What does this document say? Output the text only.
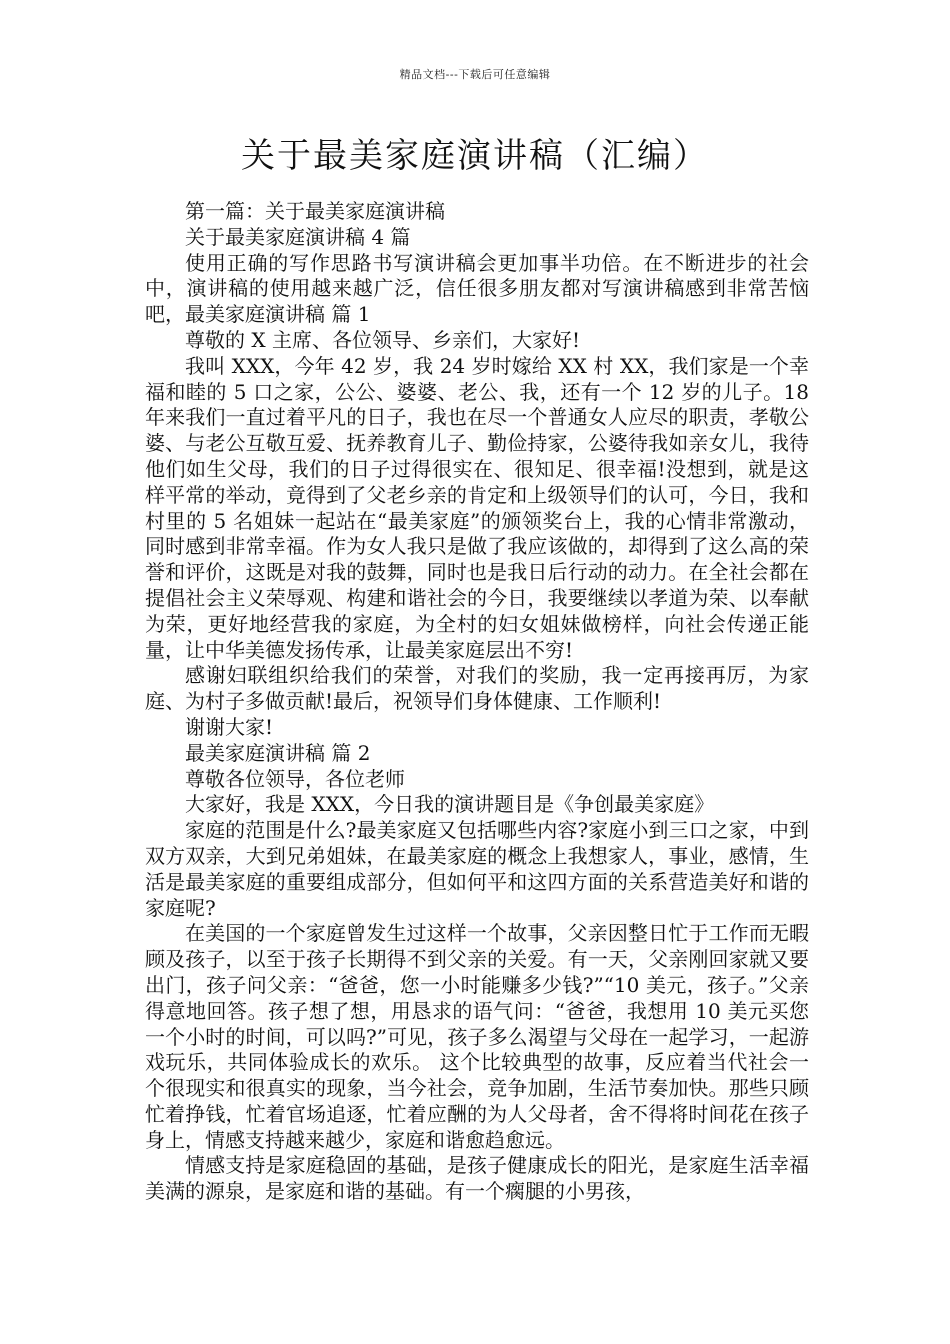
精品文档---下载后可任意编辑
关于最美家庭演讲稿（汇编）

第一篇：关于最美家庭演讲稿

关于最美家庭演讲稿 4 篇

使用正确的写作思路书写演讲稿会更加事半功倍。在不断进步的社会中，演讲稿的使用越来越广泛，信任很多朋友都对写演讲稿感到非常苦恼吧，最美家庭演讲稿 篇 1

尊敬的 X 主席、各位领导、乡亲们，大家好!

我叫 XXX，今年 42 岁，我 24 岁时嫁给 XX 村 XX，我们家是一个幸福和睦的 5 口之家，公公、婆婆、老公、我，还有一个 12 岁的儿子。18 年来我们一直过着平凡的日子，我也在尽一个普通女人应尽的职责，孝敬公婆、与老公互敬互爱、抚养教育儿子、勤俭持家，公婆待我如亲女儿，我待他们如生父母，我们的日子过得很实在、很知足、很幸福!没想到，就是这样平常的举动，竟得到了父老乡亲的肯定和上级领导们的认可，今日，我和村里的 5 名姐妹一起站在“最美家庭”的颁领奖台上，我的心情非常激动，同时感到非常幸福。作为女人我只是做了我应该做的，却得到了这么高的荣誉和评价，这既是对我的鼓舞，同时也是我日后行动的动力。在全社会都在提倡社会主义荣辱观、构建和谐社会的今日，我要继续以孝道为荣、以奉献为荣，更好地经营我的家庭，为全村的妇女姐妹做榜样，向社会传递正能量，让中华美德发扬传承，让最美家庭层出不穷!

感谢妇联组织给我们的荣誉，对我们的奖励，我一定再接再厉，为家庭、为村子多做贡献!最后，祝领导们身体健康、工作顺利!

谢谢大家!

最美家庭演讲稿 篇 2

尊敬各位领导，各位老师

大家好，我是 XXX，今日我的演讲题目是《争创最美家庭》

家庭的范围是什么?最美家庭又包括哪些内容?家庭小到三口之家，中到双方双亲，大到兄弟姐妹，在最美家庭的概念上我想家人，事业，感情，生活是最美家庭的重要组成部分，但如何平和这四方面的关系营造美好和谐的家庭呢?

在美国的一个家庭曾发生过这样一个故事，父亲因整日忙于工作而无暇顾及孩子，以至于孩子长期得不到父亲的关爱。有一天，父亲刚回家就又要出门，孩子问父亲：“爸爸，您一小时能赚多少钱?”“10 美元，孩子。”父亲得意地回答。孩子想了想，用恳求的语气问：“爸爸，我想用 10 美元买您一个小时的时间，可以吗?”可见，孩子多么渴望与父母在一起学习，一起游戏玩乐，共同体验成长的欢乐。 这个比较典型的故事，反应着当代社会一个很现实和很真实的现象，当今社会，竞争加剧，生活节奏加快。那些只顾忙着挣钱，忙着官场追逐，忙着应酬的为人父母者，舍不得将时间花在孩子身上，情感支持越来越少，家庭和谐愈趋愈远。

情感支持是家庭稳固的基础，是孩子健康成长的阳光，是家庭生活幸福美满的源泉，是家庭和谐的基础。有一个瘸腿的小男孩，
